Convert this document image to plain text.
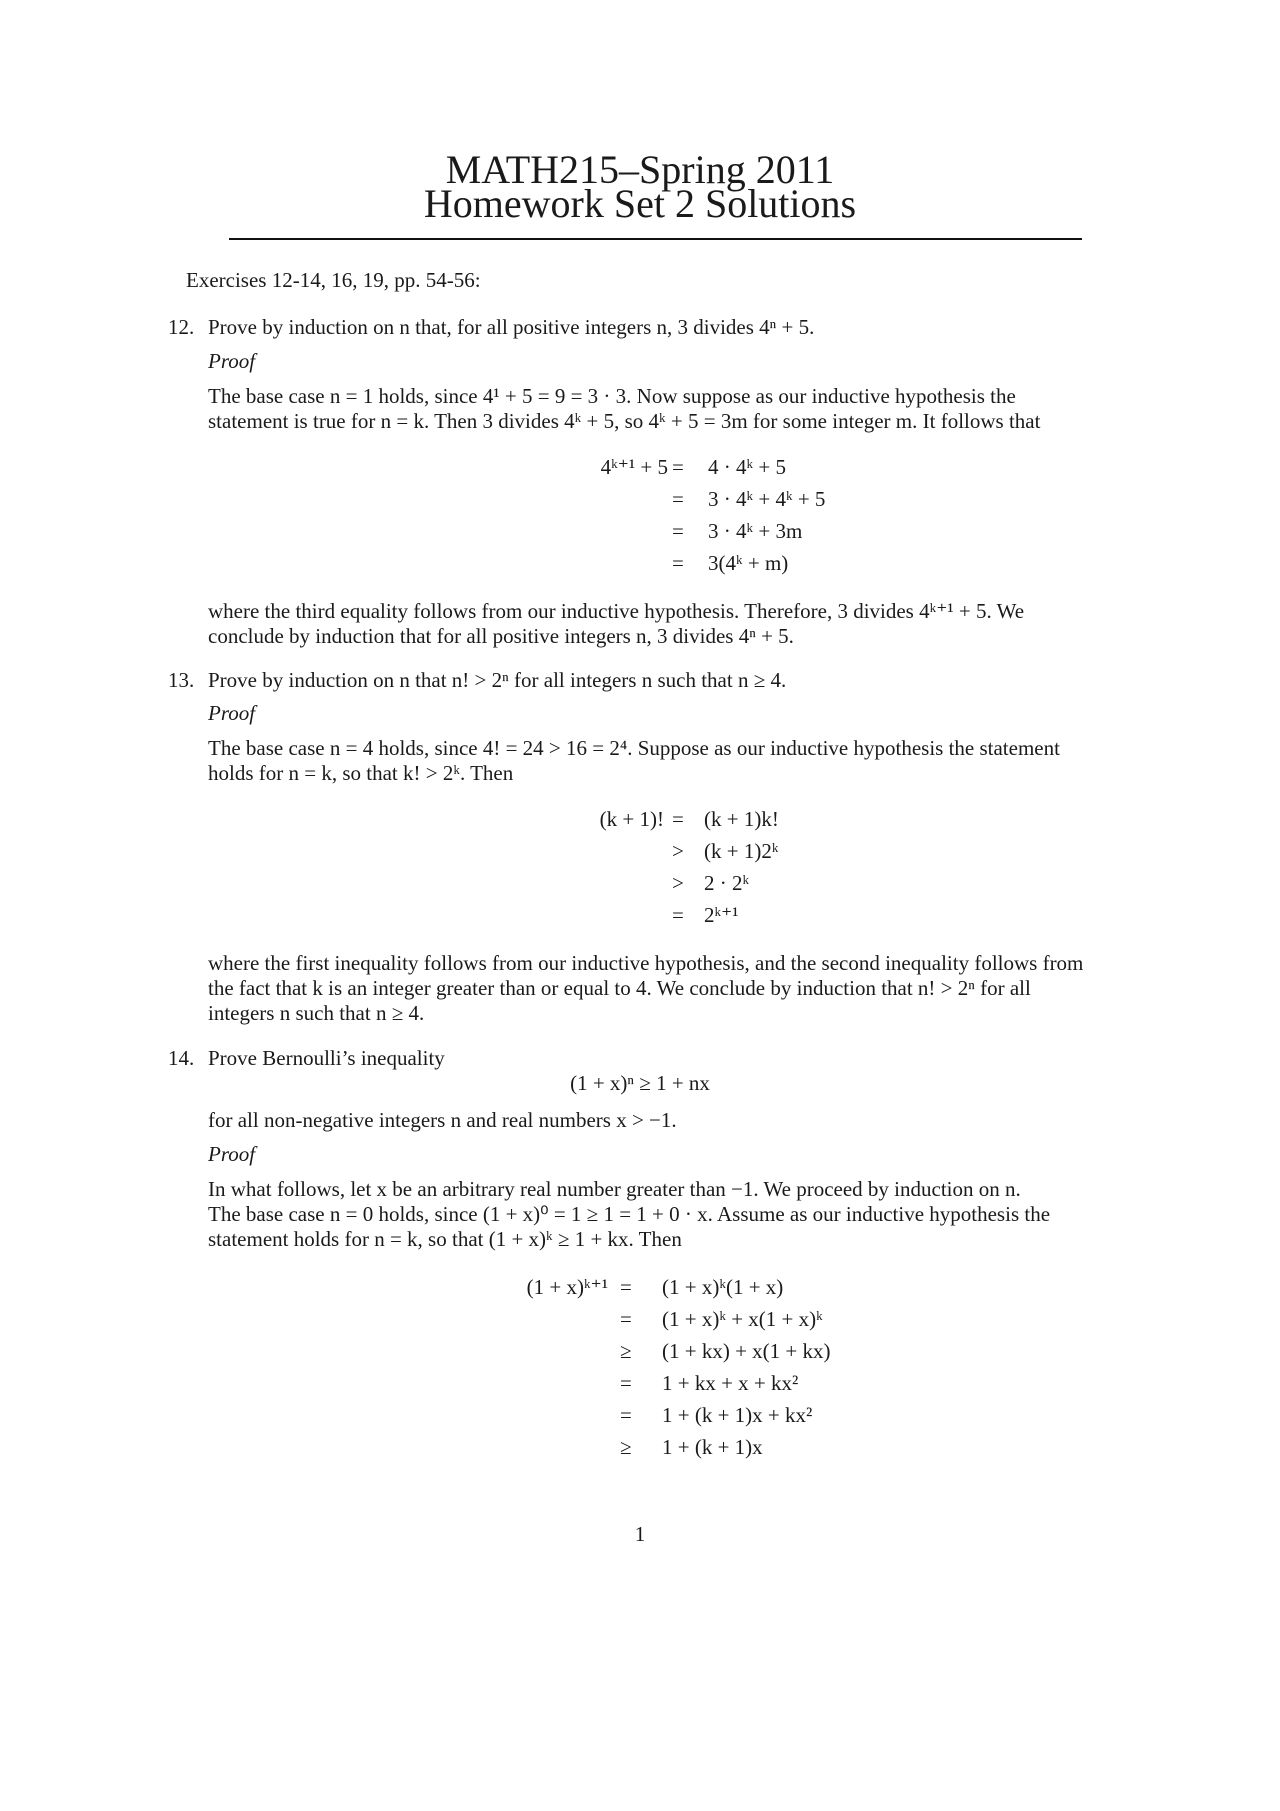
MATH215–Spring 2011
Homework Set 2 Solutions
Exercises 12-14, 16, 19, pp. 54-56:
12. Prove by induction on n that, for all positive integers n, 3 divides 4ⁿ + 5.
Proof
The base case n = 1 holds, since 4¹ + 5 = 9 = 3 · 3. Now suppose as our inductive hypothesis the
statement is true for n = k. Then 3 divides 4ᵏ + 5, so 4ᵏ + 5 = 3m for some integer m. It follows that
4ᵏ⁺¹ + 5 = 4 · 4ᵏ + 5
= 3 · 4ᵏ + 4ᵏ + 5
= 3 · 4ᵏ + 3m
= 3(4ᵏ + m)
where the third equality follows from our inductive hypothesis. Therefore, 3 divides 4ᵏ⁺¹ + 5. We
conclude by induction that for all positive integers n, 3 divides 4ⁿ + 5.
13. Prove by induction on n that n! > 2ⁿ for all integers n such that n ≥ 4.
Proof
The base case n = 4 holds, since 4! = 24 > 16 = 2⁴. Suppose as our inductive hypothesis the statement
holds for n = k, so that k! > 2ᵏ. Then
(k + 1)! = (k + 1)k!
> (k + 1)2ᵏ
> 2 · 2ᵏ
= 2ᵏ⁺¹
where the first inequality follows from our inductive hypothesis, and the second inequality follows from
the fact that k is an integer greater than or equal to 4. We conclude by induction that n! > 2ⁿ for all
integers n such that n ≥ 4.
14. Prove Bernoulli’s inequality
(1 + x)ⁿ ≥ 1 + nx
for all non-negative integers n and real numbers x > −1.
Proof
In what follows, let x be an arbitrary real number greater than −1. We proceed by induction on n.
The base case n = 0 holds, since (1 + x)⁰ = 1 ≥ 1 = 1 + 0 · x. Assume as our inductive hypothesis the
statement holds for n = k, so that (1 + x)ᵏ ≥ 1 + kx. Then
(1 + x)ᵏ⁺¹ = (1 + x)ᵏ(1 + x)
= (1 + x)ᵏ + x(1 + x)ᵏ
≥ (1 + kx) + x(1 + kx)
= 1 + kx + x + kx²
= 1 + (k + 1)x + kx²
≥ 1 + (k + 1)x
1
